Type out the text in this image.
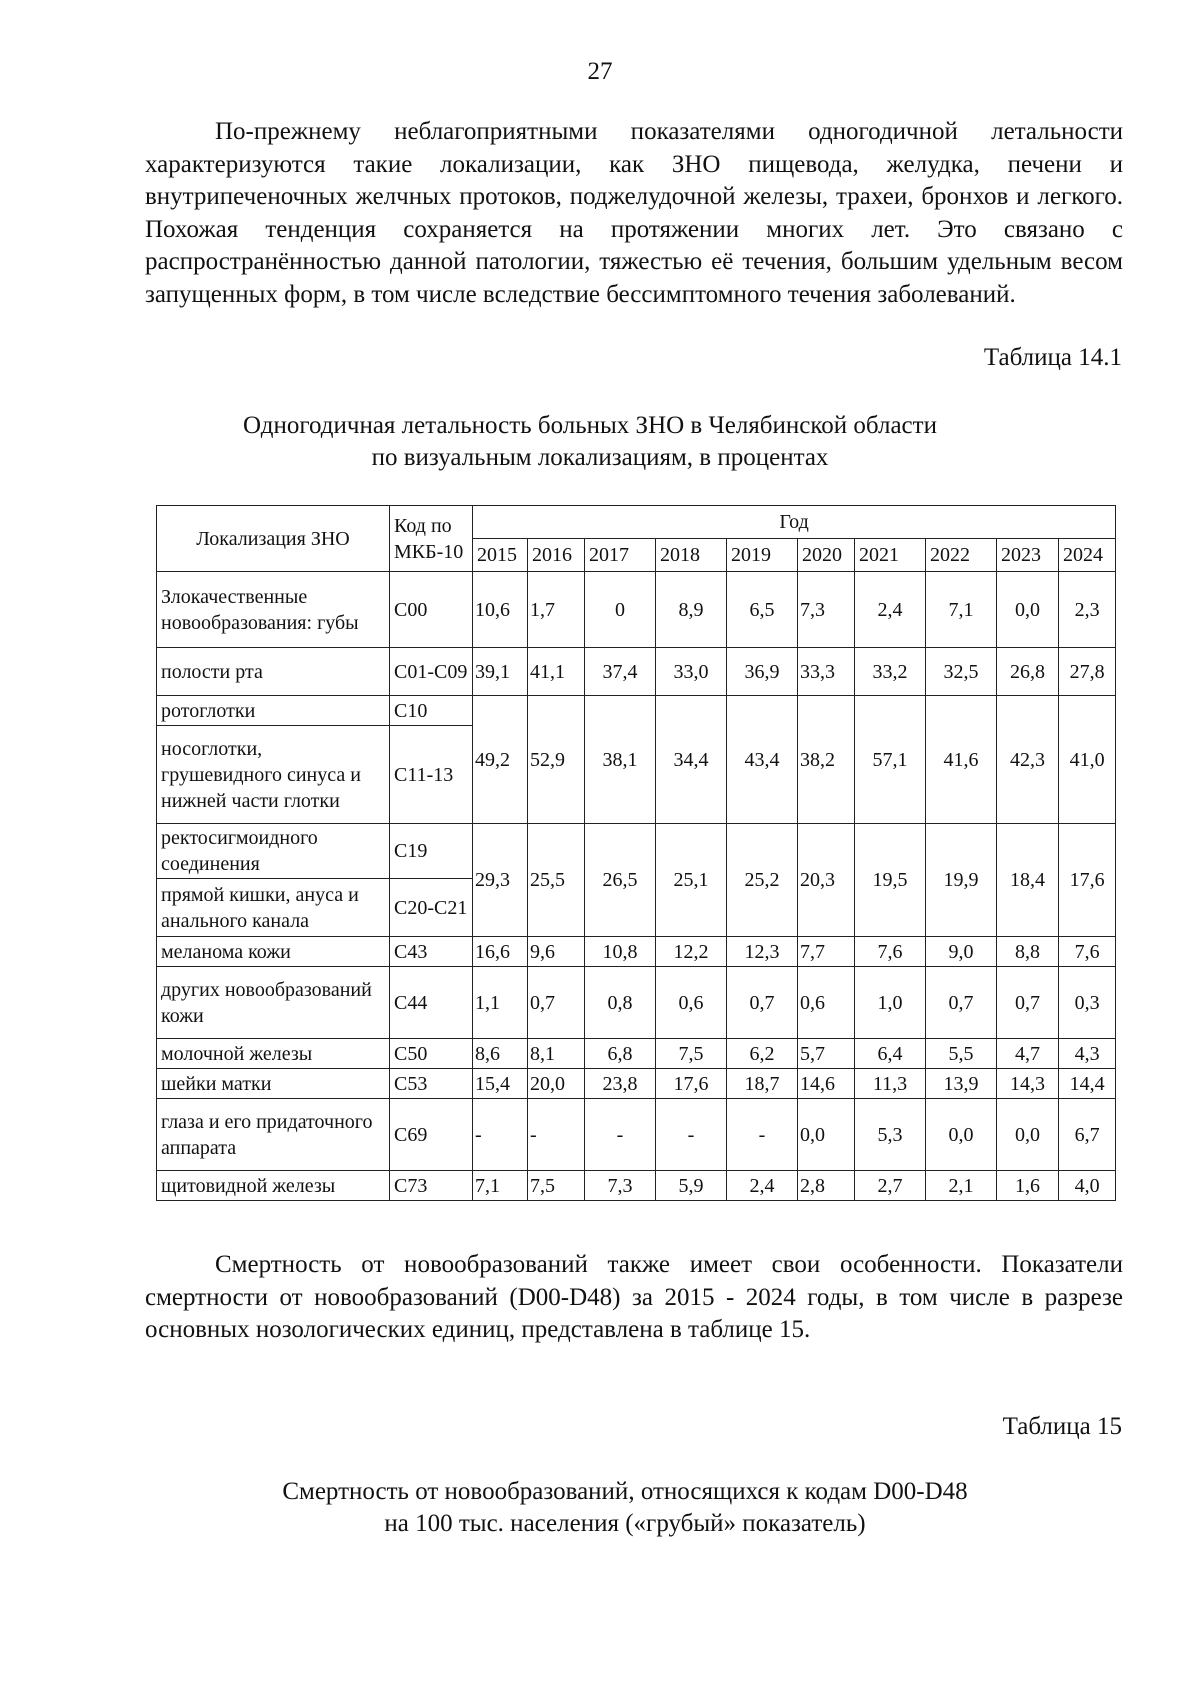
27

По-прежнему неблагоприятными показателями одногодичной летальности характеризуются такие локализации, как ЗНО пищевода, желудка, печени и внутрипеченочных желчных протоков, поджелудочной железы, трахеи, бронхов и легкого. Похожая тенденция сохраняется на протяжении многих лет. Это связано с распространённостью данной патологии, тяжестью её течения, большим удельным весом запущенных форм, в том числе вследствие бессимптомного течения заболеваний.

Таблица 14.1
Одногодичная летальность больных ЗНО в Челябинской области
по визуальным локализациям, в процентах
Локализация ЗНО	Код по МКБ-10	Год									
		2015	2016	2017	2018	2019	2020	2021	2022	2023	2024
Злокачественные новообразования: губы	C00	10,6	1,7	0	8,9	6,5	7,3	2,4	7,1	0,0	2,3
полости рта	C01-C09	39,1	41,1	37,4	33,0	36,9	33,3	33,2	32,5	26,8	27,8
ротоглотки	C10	49,2	52,9	38,1	34,4	43,4	38,2	57,1	41,6	42,3	41,0
носоглотки, грушевидного синуса и нижней части глотки	C11-13										
ректосигмоидного соединения	C19	29,3	25,5	26,5	25,1	25,2	20,3	19,5	19,9	18,4	17,6
прямой кишки, ануса и анального канала	C20-C21										
меланома кожи	C43	16,6	9,6	10,8	12,2	12,3	7,7	7,6	9,0	8,8	7,6
других новообразований кожи	C44	1,1	0,7	0,8	0,6	0,7	0,6	1,0	0,7	0,7	0,3
молочной железы	C50	8,6	8,1	6,8	7,5	6,2	5,7	6,4	5,5	4,7	4,3
шейки матки	C53	15,4	20,0	23,8	17,6	18,7	14,6	11,3	13,9	14,3	14,4
глаза и его придаточного аппарата	C69	-	-	-	-	-	0,0	5,3	0,0	0,0	6,7
щитовидной железы	C73	7,1	7,5	7,3	5,9	2,4	2,8	2,7	2,1	1,6	4,0

Смертность от новообразований также имеет свои особенности. Показатели смертности от новообразований (D00-D48) за 2015 - 2024 годы, в том числе в разрезе основных нозологических единиц, представлена в таблице 15.

Таблица 15
Смертность от новообразований, относящихся к кодам D00-D48
на 100 тыс. населения («грубый» показатель)
